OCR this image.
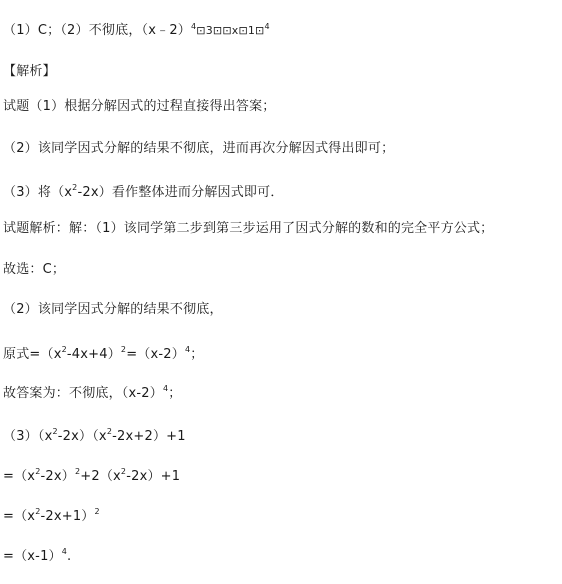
（1）C；（2）不彻底，（x﹣2）$^4$⊡3⊡⊡x⊡1⊡$^4$
【解析】
试题（1）根据分解因式的过程直接得出答案；
（2）该同学因式分解的结果不彻底，进而再次分解因式得出即可；
（3）将$(x^2-2x)$看作整体进而分解因式即可．
试题解析：解：（1）该同学第二步到第三步运用了因式分解的数和的完全平方公式；
故选：C；
（2）该同学因式分解的结果不彻底，
原式$=(x^2-4x+4)^2=(x-2)^4$；
故答案为：不彻底，$(x-2)^4$；
$(3)(x^2-2x)(x^2-2x+2)+1$
$=(x^2-2x)^2+2(x^2-2x)+1$
$=(x^2-2x+1)^2$
$=(x-1)^4$.
